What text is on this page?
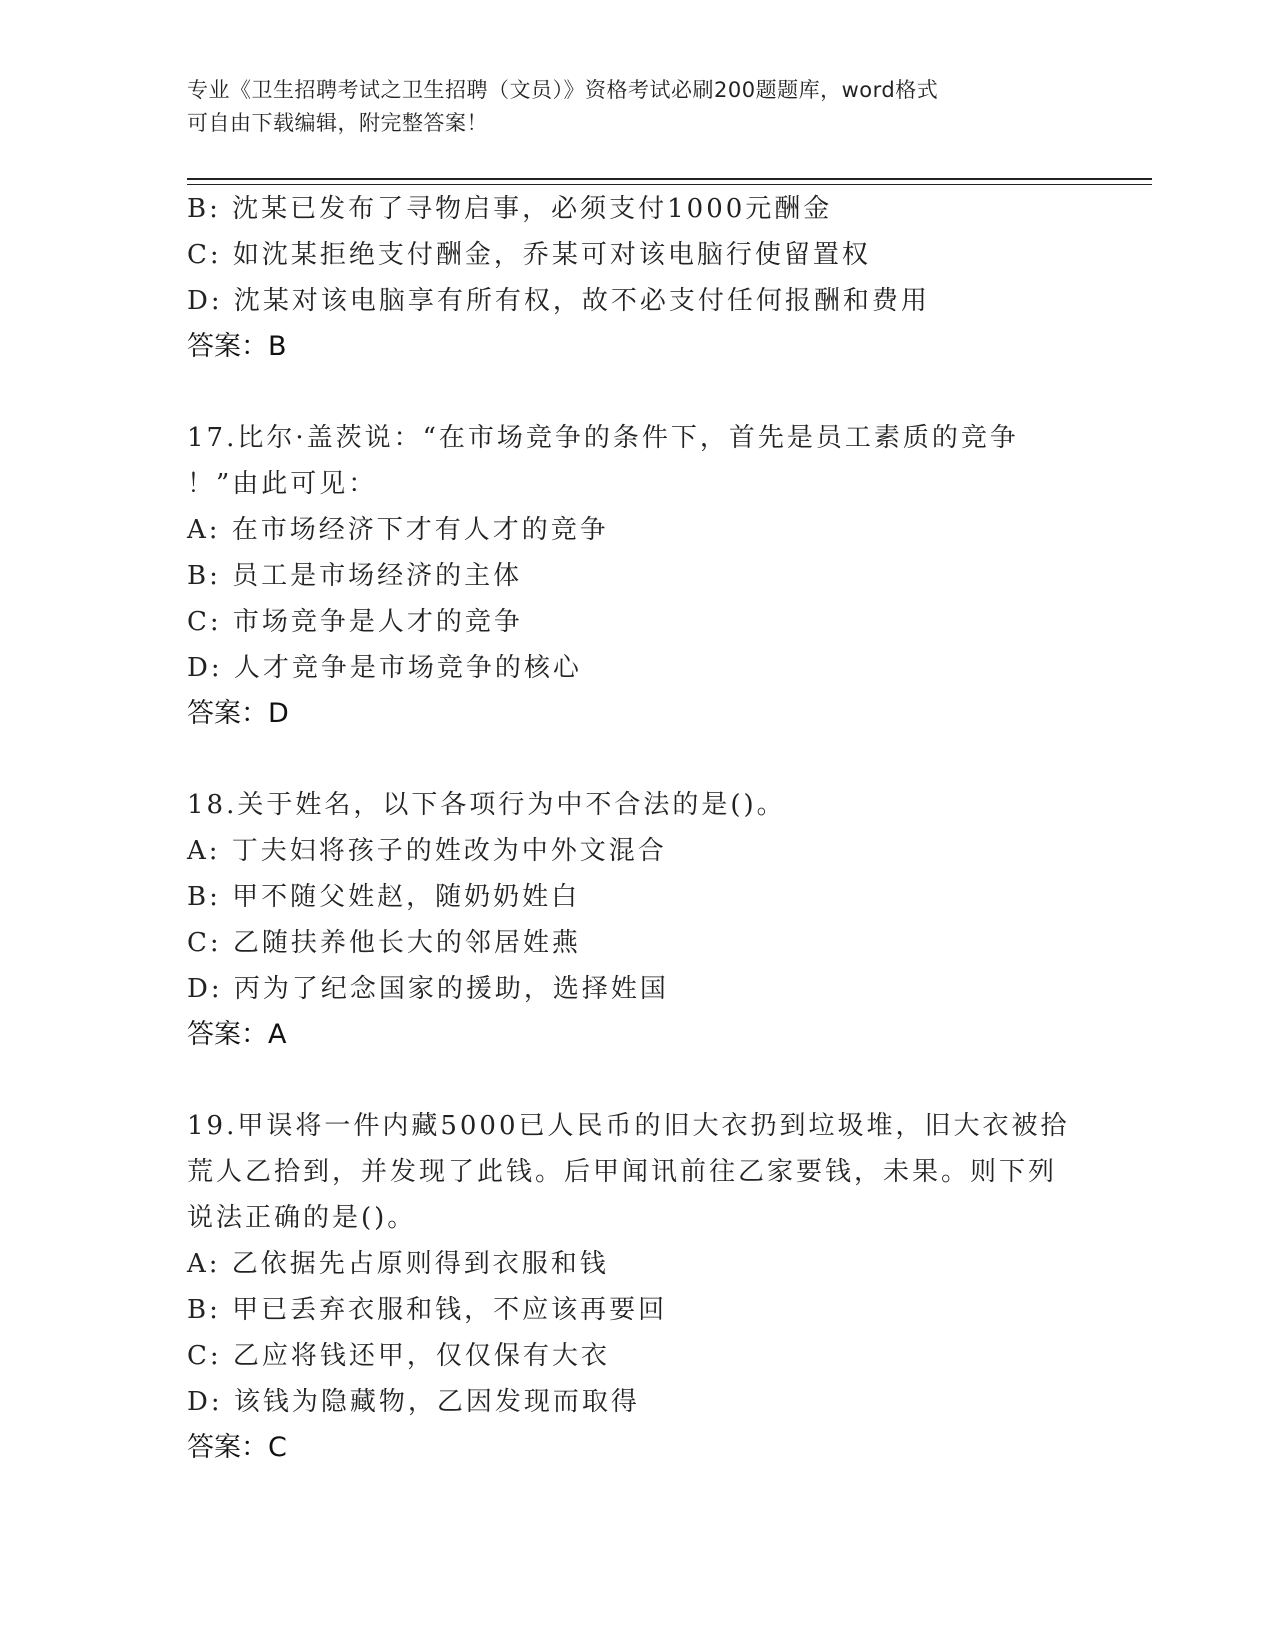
专业《卫生招聘考试之卫生招聘（文员）》资格考试必刷200题题库，word格式
可自由下载编辑，附完整答案！
B: 沈某已发布了寻物启事，必须支付1000元酬金
C: 如沈某拒绝支付酬金，乔某可对该电脑行使留置权
D: 沈某对该电脑享有所有权，故不必支付任何报酬和费用
答案：B
17.比尔·盖茨说：“在市场竞争的条件下，首先是员工素质的竞争
！”由此可见：
A: 在市场经济下才有人才的竞争
B: 员工是市场经济的主体
C: 市场竞争是人才的竞争
D: 人才竞争是市场竞争的核心
答案：D
18.关于姓名，以下各项行为中不合法的是()。
A: 丁夫妇将孩子的姓改为中外文混合
B: 甲不随父姓赵，随奶奶姓白
C: 乙随扶养他长大的邻居姓燕
D: 丙为了纪念国家的援助，选择姓国
答案：A
19.甲误将一件内藏5000已人民币的旧大衣扔到垃圾堆，旧大衣被拾
荒人乙拾到，并发现了此钱。后甲闻讯前往乙家要钱，未果。则下列
说法正确的是()。
A: 乙依据先占原则得到衣服和钱
B: 甲已丢弃衣服和钱，不应该再要回
C: 乙应将钱还甲，仅仅保有大衣
D: 该钱为隐藏物，乙因发现而取得
答案：C
